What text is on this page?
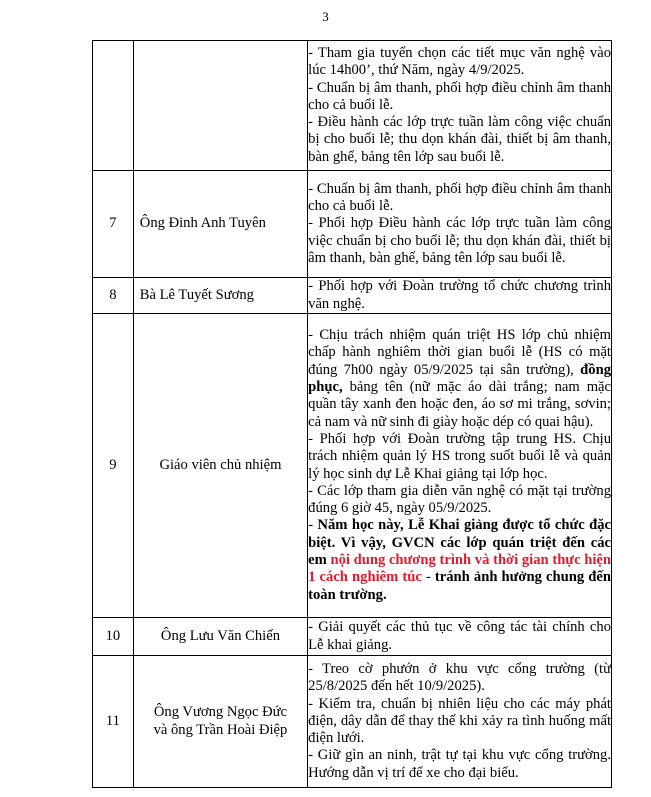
3

		- Tham gia tuyển chọn các tiết mục văn nghệ vào lúc 14h00’, thứ Năm, ngày 4/9/2025.
- Chuẩn bị âm thanh, phối hợp điều chỉnh âm thanh cho cả buổi lễ.
- Điều hành các lớp trực tuần làm công việc chuẩn bị cho buổi lễ; thu dọn khán đài, thiết bị âm thanh, bàn ghế, bảng tên lớp sau buổi lễ.

7	Ông Đinh Anh Tuyên	- Chuẩn bị âm thanh, phối hợp điều chỉnh âm thanh cho cả buổi lễ.
- Phối hợp Điều hành các lớp trực tuần làm công việc chuẩn bị cho buổi lễ; thu dọn khán đài, thiết bị âm thanh, bàn ghế, bảng tên lớp sau buổi lễ.

8	Bà Lê Tuyết Sương	- Phối hợp với Đoàn trường tổ chức chương trình văn nghệ.

9	Giáo viên chủ nhiệm	- Chịu trách nhiệm quán triệt HS lớp chủ nhiệm chấp hành nghiêm thời gian buổi lễ (HS có mặt đúng 7h00 ngày 05/9/2025 tại sân trường), đồng phục, bảng tên (nữ mặc áo dài trắng; nam mặc quần tây xanh đen hoặc đen, áo sơ mi trắng, sơvin; cả nam và nữ sinh đi giày hoặc dép có quai hậu).
- Phối hợp với Đoàn trường tập trung HS. Chịu trách nhiệm quản lý HS trong suốt buổi lễ và quản lý học sinh dự Lễ Khai giảng tại lớp học.
- Các lớp tham gia diễn văn nghệ có mặt tại trường đúng 6 giờ 45, ngày 05/9/2025.
- Năm học này, Lễ Khai giảng được tổ chức đặc biệt. Vì vậy, GVCN các lớp quán triệt đến các em nội dung chương trình và thời gian thực hiện 1 cách nghiêm túc - tránh ảnh hưởng chung đến toàn trường.

10	Ông Lưu Văn Chiến	- Giải quyết các thủ tục về công tác tài chính cho Lễ khai giảng.

11	Ông Vương Ngọc Đức
và ông Trần Hoài Điệp	- Treo cờ phướn ở khu vực cổng trường (từ 25/8/2025 đến hết 10/9/2025).
- Kiểm tra, chuẩn bị nhiên liệu cho các máy phát điện, dây dẫn để thay thế khi xảy ra tình huống mất điện lưới.
- Giữ gìn an ninh, trật tự tại khu vực cổng trường. Hướng dẫn vị trí để xe cho đại biểu.
